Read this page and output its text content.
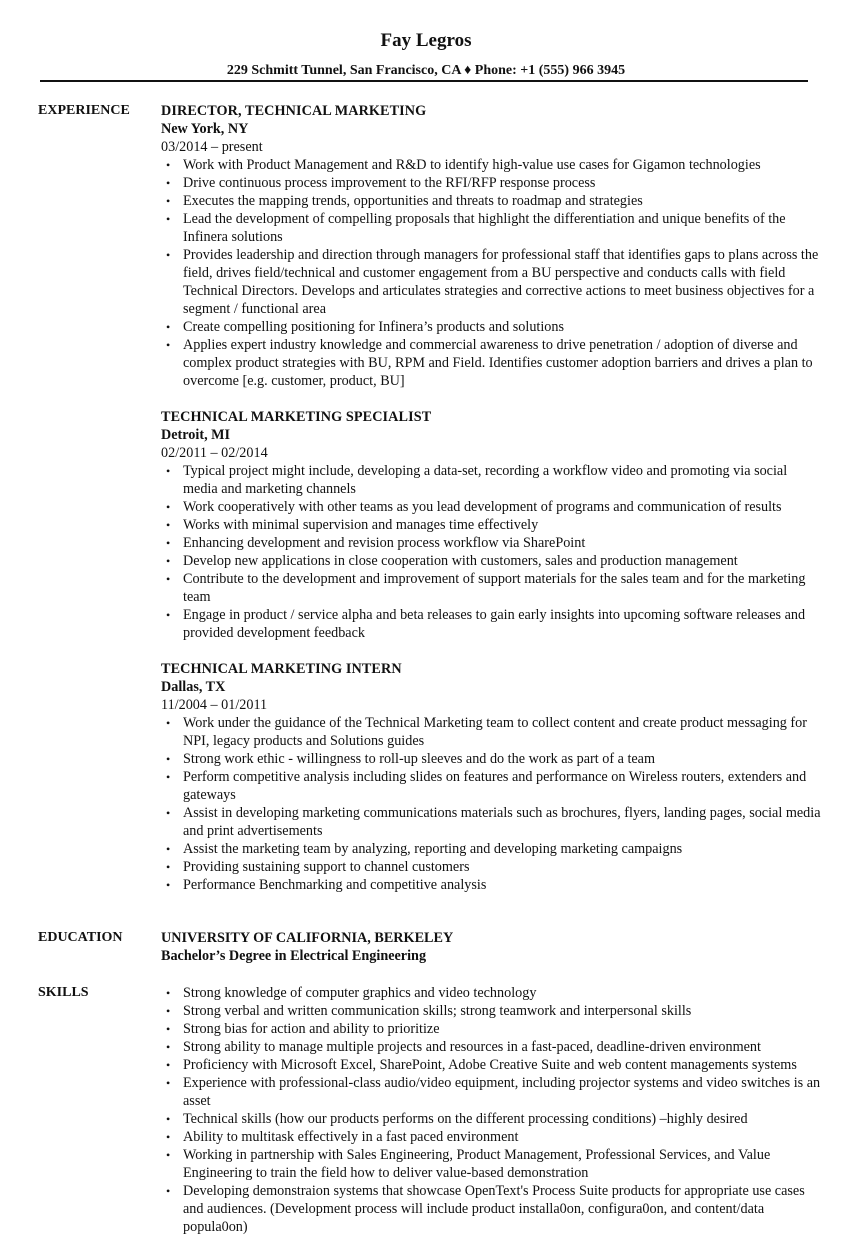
Fay Legros
229 Schmitt Tunnel, San Francisco, CA ♦ Phone: +1 (555) 966 3945
EXPERIENCE DIRECTOR, TECHNICAL MARKETING
New York, NY
03/2014 – present
• Work with Product Management and R&D to identify high-value use cases for Gigamon technologies
• Drive continuous process improvement to the RFI/RFP response process
• Executes the mapping trends, opportunities and threats to roadmap and strategies
• Lead the development of compelling proposals that highlight the differentiation and unique benefits of the Infinera solutions
• Provides leadership and direction through managers for professional staff that identifies gaps to plans across the field, drives field/technical and customer engagement from a BU perspective and conducts calls with field Technical Directors. Develops and articulates strategies and corrective actions to meet business objectives for a segment / functional area
• Create compelling positioning for Infinera’s products and solutions
• Applies expert industry knowledge and commercial awareness to drive penetration / adoption of diverse and complex product strategies with BU, RPM and Field. Identifies customer adoption barriers and drives a plan to overcome [e.g. customer, product, BU]
TECHNICAL MARKETING SPECIALIST
Detroit, MI
02/2011 – 02/2014
• Typical project might include, developing a data-set, recording a workflow video and promoting via social media and marketing channels
• Work cooperatively with other teams as you lead development of programs and communication of results
• Works with minimal supervision and manages time effectively
• Enhancing development and revision process workflow via SharePoint
• Develop new applications in close cooperation with customers, sales and production management
• Contribute to the development and improvement of support materials for the sales team and for the marketing team
• Engage in product / service alpha and beta releases to gain early insights into upcoming software releases and provided development feedback
TECHNICAL MARKETING INTERN
Dallas, TX
11/2004 – 01/2011
• Work under the guidance of the Technical Marketing team to collect content and create product messaging for NPI, legacy products and Solutions guides
• Strong work ethic - willingness to roll-up sleeves and do the work as part of a team
• Perform competitive analysis including slides on features and performance on Wireless routers, extenders and gateways
• Assist in developing marketing communications materials such as brochures, flyers, landing pages, social media and print advertisements
• Assist the marketing team by analyzing, reporting and developing marketing campaigns
• Providing sustaining support to channel customers
• Performance Benchmarking and competitive analysis
EDUCATION	UNIVERSITY OF CALIFORNIA, BERKELEY
Bachelor’s Degree in Electrical Engineering
SKILLS
•	Strong knowledge of computer graphics and video technology
• Strong verbal and written communication skills; strong teamwork and interpersonal skills
• Strong bias for action and ability to prioritize
• Strong ability to manage multiple projects and resources in a fast-paced, deadline-driven environment
• Proficiency with Microsoft Excel, SharePoint, Adobe Creative Suite and web content managements systems
• Experience with professional-class audio/video equipment, including projector systems and video switches is an asset
• Technical skills (how our products performs on the different processing conditions) –highly desired
• Ability to multitask effectively in a fast paced environment
• Working in partnership with Sales Engineering, Product Management, Professional Services, and Value Engineering to train the field how to deliver value-based demonstration
• Developing demonstraion systems that showcase OpenText's Process Suite products for appropriate use cases and audiences. (Development process will include product installa0on, configura0on, and content/data popula0on)
